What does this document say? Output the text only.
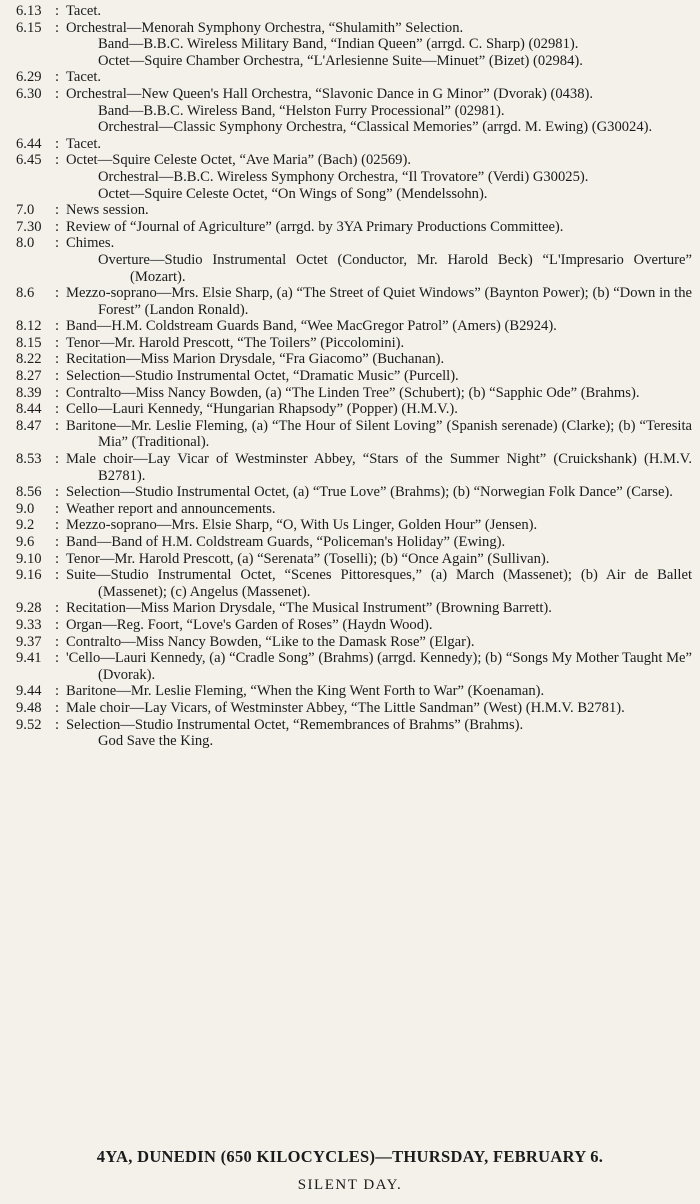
6.13 : Tacet.
6.15 : Orchestral—Menorah Symphony Orchestra, “Shulamith” Selection.
Band—B.B.C. Wireless Military Band, “Indian Queen” (arrgd. C. Sharp) (02981).
Octet—Squire Chamber Orchestra, “L'Arlesienne Suite—Minuet” (Bizet) (02984).
6.29 : Tacet.
6.30 : Orchestral—New Queen's Hall Orchestra, “Slavonic Dance in G Minor” (Dvorak) (0438).
Band—B.B.C. Wireless Band, “Helston Furry Processional” (02981).
Orchestral—Classic Symphony Orchestra, “Classical Memories” (arrgd. M. Ewing) (G30024).
6.44 : Tacet.
6.45 : Octet—Squire Celeste Octet, “Ave Maria” (Bach) (02569).
Orchestral—B.B.C. Wireless Symphony Orchestra, “Il Trovatore” (Verdi) G30025).
Octet—Squire Celeste Octet, “On Wings of Song” (Mendelssohn).
7.0 : News session.
7.30 : Review of “Journal of Agriculture” (arrgd. by 3YA Primary Productions Committee).
8.0 : Chimes.
Overture—Studio Instrumental Octet (Conductor, Mr. Harold Beck) “L'Impresario Overture” (Mozart).
8.6 : Mezzo-soprano—Mrs. Elsie Sharp, (a) “The Street of Quiet Windows” (Baynton Power); (b) “Down in the Forest” (Landon Ronald).
8.12 : Band—H.M. Coldstream Guards Band, “Wee MacGregor Patrol” (Amers) (B2924).
8.15 : Tenor—Mr. Harold Prescott, “The Toilers” (Piccolomini).
8.22 : Recitation—Miss Marion Drysdale, “Fra Giacomo” (Buchanan).
8.27 : Selection—Studio Instrumental Octet, “Dramatic Music” (Purcell).
8.39 : Contralto—Miss Nancy Bowden, (a) “The Linden Tree” (Schubert); (b) “Sapphic Ode” (Brahms).
8.44 : Cello—Lauri Kennedy, “Hungarian Rhapsody” (Popper) (H.M.V.).
8.47 : Baritone—Mr. Leslie Fleming, (a) “The Hour of Silent Loving” (Spanish serenade) (Clarke); (b) “Teresita Mia” (Traditional).
8.53 : Male choir—Lay Vicar of Westminster Abbey, “Stars of the Summer Night” (Cruickshank) (H.M.V. B2781).
8.56 : Selection—Studio Instrumental Octet, (a) “True Love” (Brahms); (b) “Norwegian Folk Dance” (Carse).
9.0 : Weather report and announcements.
9.2 : Mezzo-soprano—Mrs. Elsie Sharp, “O, With Us Linger, Golden Hour” (Jensen).
9.6 : Band—Band of H.M. Coldstream Guards, “Policeman's Holiday” (Ewing).
9.10 : Tenor—Mr. Harold Prescott, (a) “Serenata” (Toselli); (b) “Once Again” (Sullivan).
9.16 : Suite—Studio Instrumental Octet, “Scenes Pittoresques,” (a) March (Massenet); (b) Air de Ballet (Massenet); (c) Angelus (Massenet).
9.28 : Recitation—Miss Marion Drysdale, “The Musical Instrument” (Browning Barrett).
9.33 : Organ—Reg. Foort, “Love's Garden of Roses” (Haydn Wood).
9.37 : Contralto—Miss Nancy Bowden, “Like to the Damask Rose” (Elgar).
9.41 : 'Cello—Lauri Kennedy, (a) “Cradle Song” (Brahms) (arrgd. Kennedy); (b) “Songs My Mother Taught Me” (Dvorak).
9.44 : Baritone—Mr. Leslie Fleming, “When the King Went Forth to War” (Koenaman).
9.48 : Male choir—Lay Vicars, of Westminster Abbey, “The Little Sandman” (West) (H.M.V. B2781).
9.52 : Selection—Studio Instrumental Octet, “Remembrances of Brahms” (Brahms).
God Save the King.
4YA, DUNEDIN (650 KILOCYCLES)—THURSDAY, FEBRUARY 6.
SILENT DAY.
